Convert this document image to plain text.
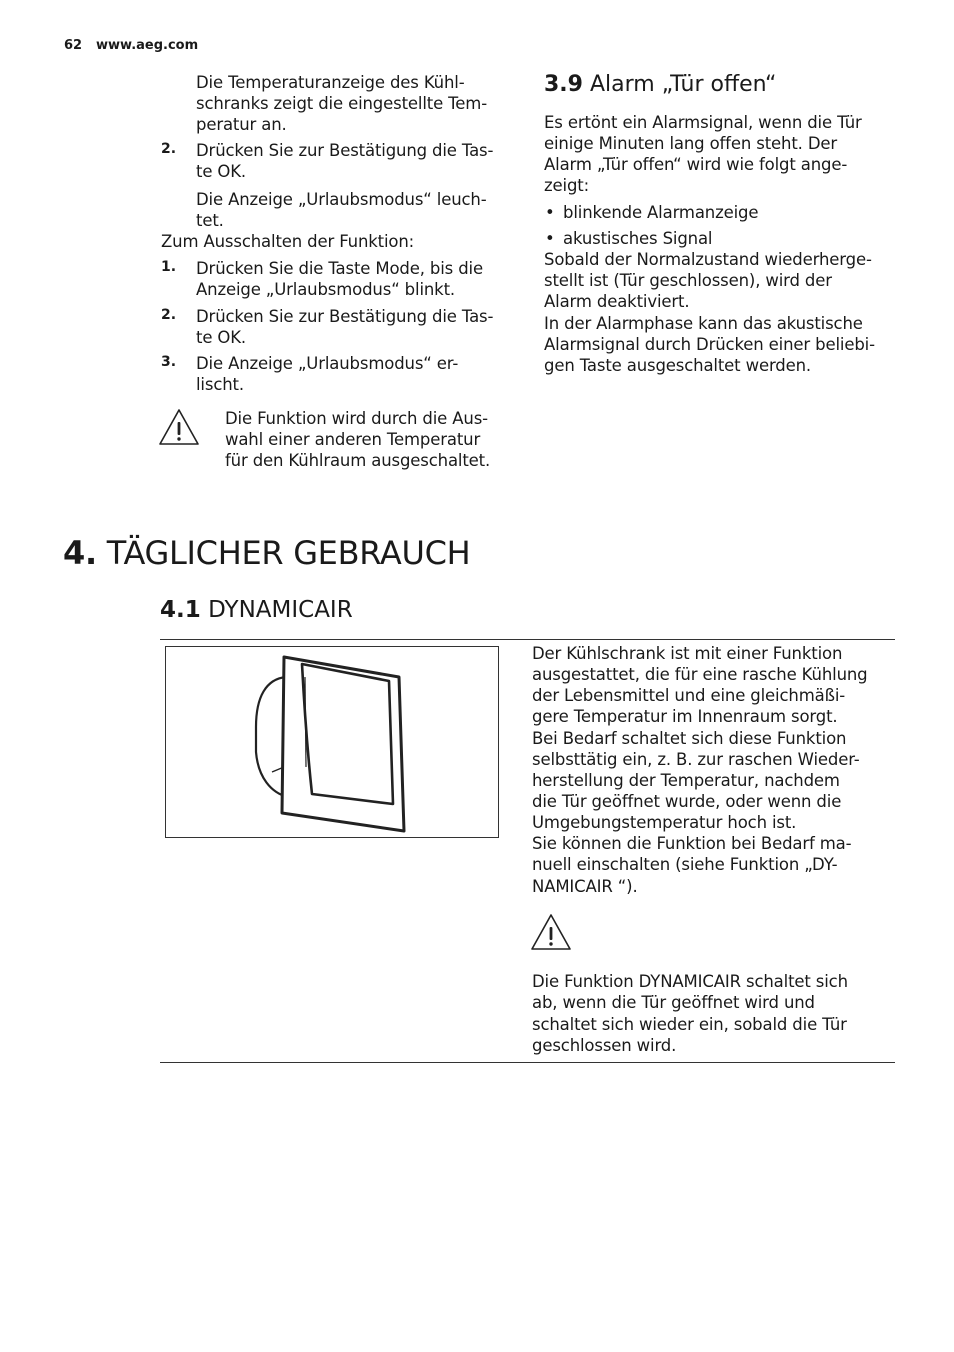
62 www.aeg.com
Die Temperaturanzeige des Kühl-
schranks zeigt die eingestellte Tem-
peratur an.
2. Drücken Sie zur Bestätigung die Tas-
te OK.
Die Anzeige „Urlaubsmodus“ leuch-
tet.
Zum Ausschalten der Funktion:
1. Drücken Sie die Taste Mode, bis die
Anzeige „Urlaubsmodus“ blinkt.
2. Drücken Sie zur Bestätigung die Tas-
te OK.
3. Die Anzeige „Urlaubsmodus“ er-
lischt.
Die Funktion wird durch die Aus-
wahl einer anderen Temperatur
für den Kühlraum ausgeschaltet.
3.9 Alarm „Tür offen“
Es ertönt ein Alarmsignal, wenn die Tür
einige Minuten lang offen steht. Der
Alarm „Tür offen“ wird wie folgt ange-
zeigt:
• blinkende Alarmanzeige
• akustisches Signal
Sobald der Normalzustand wiederherge-
stellt ist (Tür geschlossen), wird der
Alarm deaktiviert.
In der Alarmphase kann das akustische
Alarmsignal durch Drücken einer beliebi-
gen Taste ausgeschaltet werden.
4. TÄGLICHER GEBRAUCH
4.1 DYNAMICAIR
Der Kühlschrank ist mit einer Funktion
ausgestattet, die für eine rasche Kühlung
der Lebensmittel und eine gleichmäßi-
gere Temperatur im Innenraum sorgt.
Bei Bedarf schaltet sich diese Funktion
selbsttätig ein, z. B. zur raschen Wieder-
herstellung der Temperatur, nachdem
die Tür geöffnet wurde, oder wenn die
Umgebungstemperatur hoch ist.
Sie können die Funktion bei Bedarf ma-
nuell einschalten (siehe Funktion „DY-
NAMICAIR “).
Die Funktion DYNAMICAIR schaltet sich
ab, wenn die Tür geöffnet wird und
schaltet sich wieder ein, sobald die Tür
geschlossen wird.
